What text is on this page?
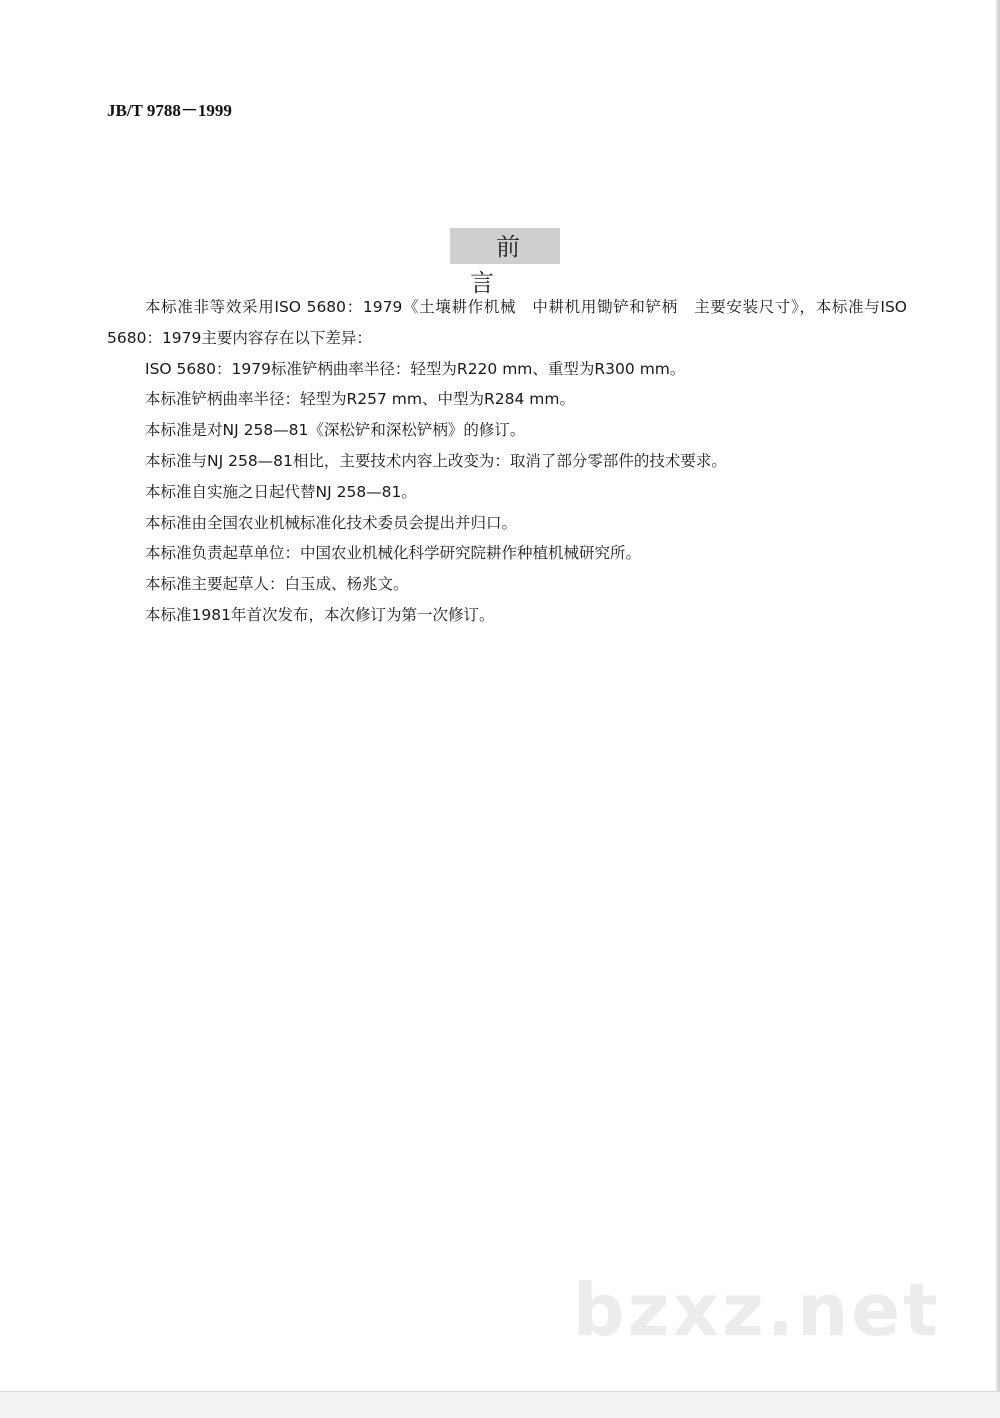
JB/T 9788－1999
前言

本标准非等效采用ISO 5680：1979《土壤耕作机械　中耕机用锄铲和铲柄　主要安装尺寸》，本标准与ISO 5680：1979主要内容存在以下差异：

ISO 5680：1979标准铲柄曲率半径：轻型为R220 mm、重型为R300 mm。

本标准铲柄曲率半径：轻型为R257 mm、中型为R284 mm。

本标准是对NJ 258—81《深松铲和深松铲柄》的修订。

本标准与NJ 258—81相比，主要技术内容上改变为：取消了部分零部件的技术要求。

本标准自实施之日起代替NJ 258—81。

本标准由全国农业机械标准化技术委员会提出并归口。

本标准负责起草单位：中国农业机械化科学研究院耕作种植机械研究所。

本标准主要起草人：白玉成、杨兆文。

本标准1981年首次发布，本次修订为第一次修订。

bzxz.net
